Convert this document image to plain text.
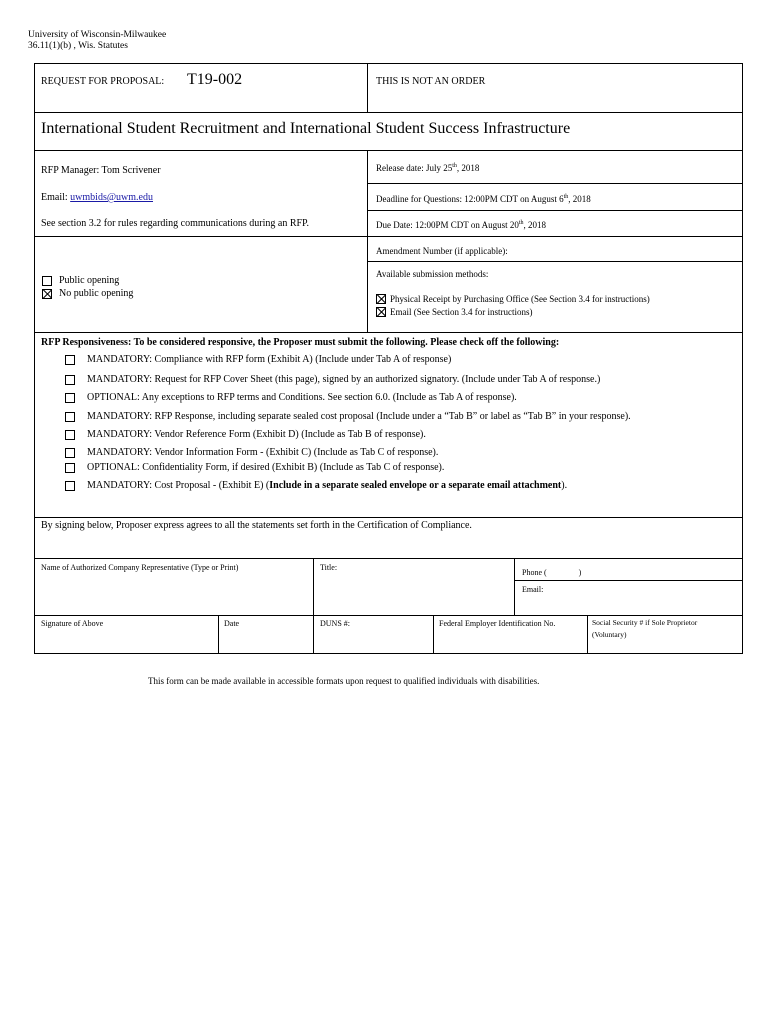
University of Wisconsin-Milwaukee
36.11(1)(b) , Wis. Statutes
REQUEST FOR PROPOSAL: T19-002	THIS IS NOT AN ORDER
International Student Recruitment and International Student Success Infrastructure
RFP Manager: Tom Scrivener
Email: uwmbids@uwm.edu
See section 3.2 for rules regarding communications during an RFP.
Release date: July 25th, 2018
Deadline for Questions: 12:00PM CDT on August 6th, 2018
Due Date: 12:00PM CDT on August 20th, 2018
Amendment Number (if applicable):
Public opening
No public opening
Available submission methods:
Physical Receipt by Purchasing Office (See Section 3.4 for instructions)
Email (See Section 3.4 for instructions)
RFP Responsiveness: To be considered responsive, the Proposer must submit the following. Please check off the following:
MANDATORY: Compliance with RFP form (Exhibit A) (Include under Tab A of response)
MANDATORY: Request for RFP Cover Sheet (this page), signed by an authorized signatory. (Include under Tab A of response.)
OPTIONAL: Any exceptions to RFP terms and Conditions. See section 6.0. (Include as Tab A of response).
MANDATORY: RFP Response, including separate sealed cost proposal (Include under a “Tab B” or label as “Tab B” in your response).
MANDATORY: Vendor Reference Form (Exhibit D) (Include as Tab B of response).
MANDATORY: Vendor Information Form - (Exhibit C) (Include as Tab C of response).
OPTIONAL: Confidentiality Form, if desired (Exhibit B) (Include as Tab C of response).
MANDATORY: Cost Proposal - (Exhibit E) (Include in a separate sealed envelope or a separate email attachment).
By signing below, Proposer express agrees to all the statements set forth in the Certification of Compliance.
Name of Authorized Company Representative (Type or Print)	Title:
Phone (	)
Email:
Signature of Above	Date	DUNS #:	Federal Employer Identification No.	Social Security # if Sole Proprietor
(Voluntary)
This form can be made available in accessible formats upon request to qualified individuals with disabilities.
